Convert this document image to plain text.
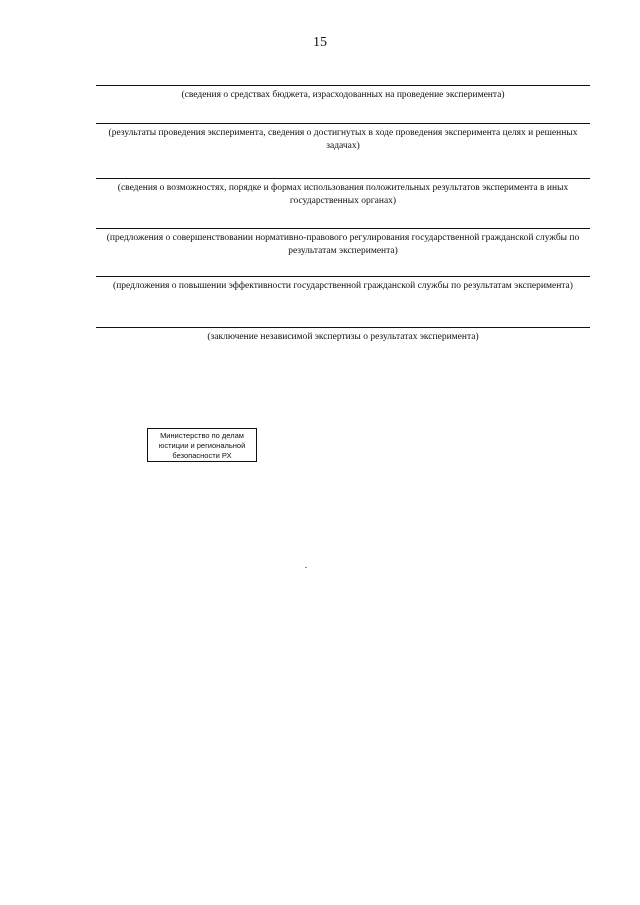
15
(сведения о средствах бюджета, израсходованных на проведение эксперимента)
(результаты проведения эксперимента, сведения о достигнутых в ходе проведения эксперимента целях и решенных задачах)
(сведения о возможностях, порядке и формах использования положительных результатов эксперимента в иных государственных органах)
(предложения о совершенствовании нормативно-правового регулирования государственной гражданской службы по результатам эксперимента)
(предложения о повышении эффективности государственной гражданской службы по результатам эксперимента)
(заключение независимой экспертизы о результатах эксперимента)
Министерство по делам
юстиции и региональной
безопасности РХ
